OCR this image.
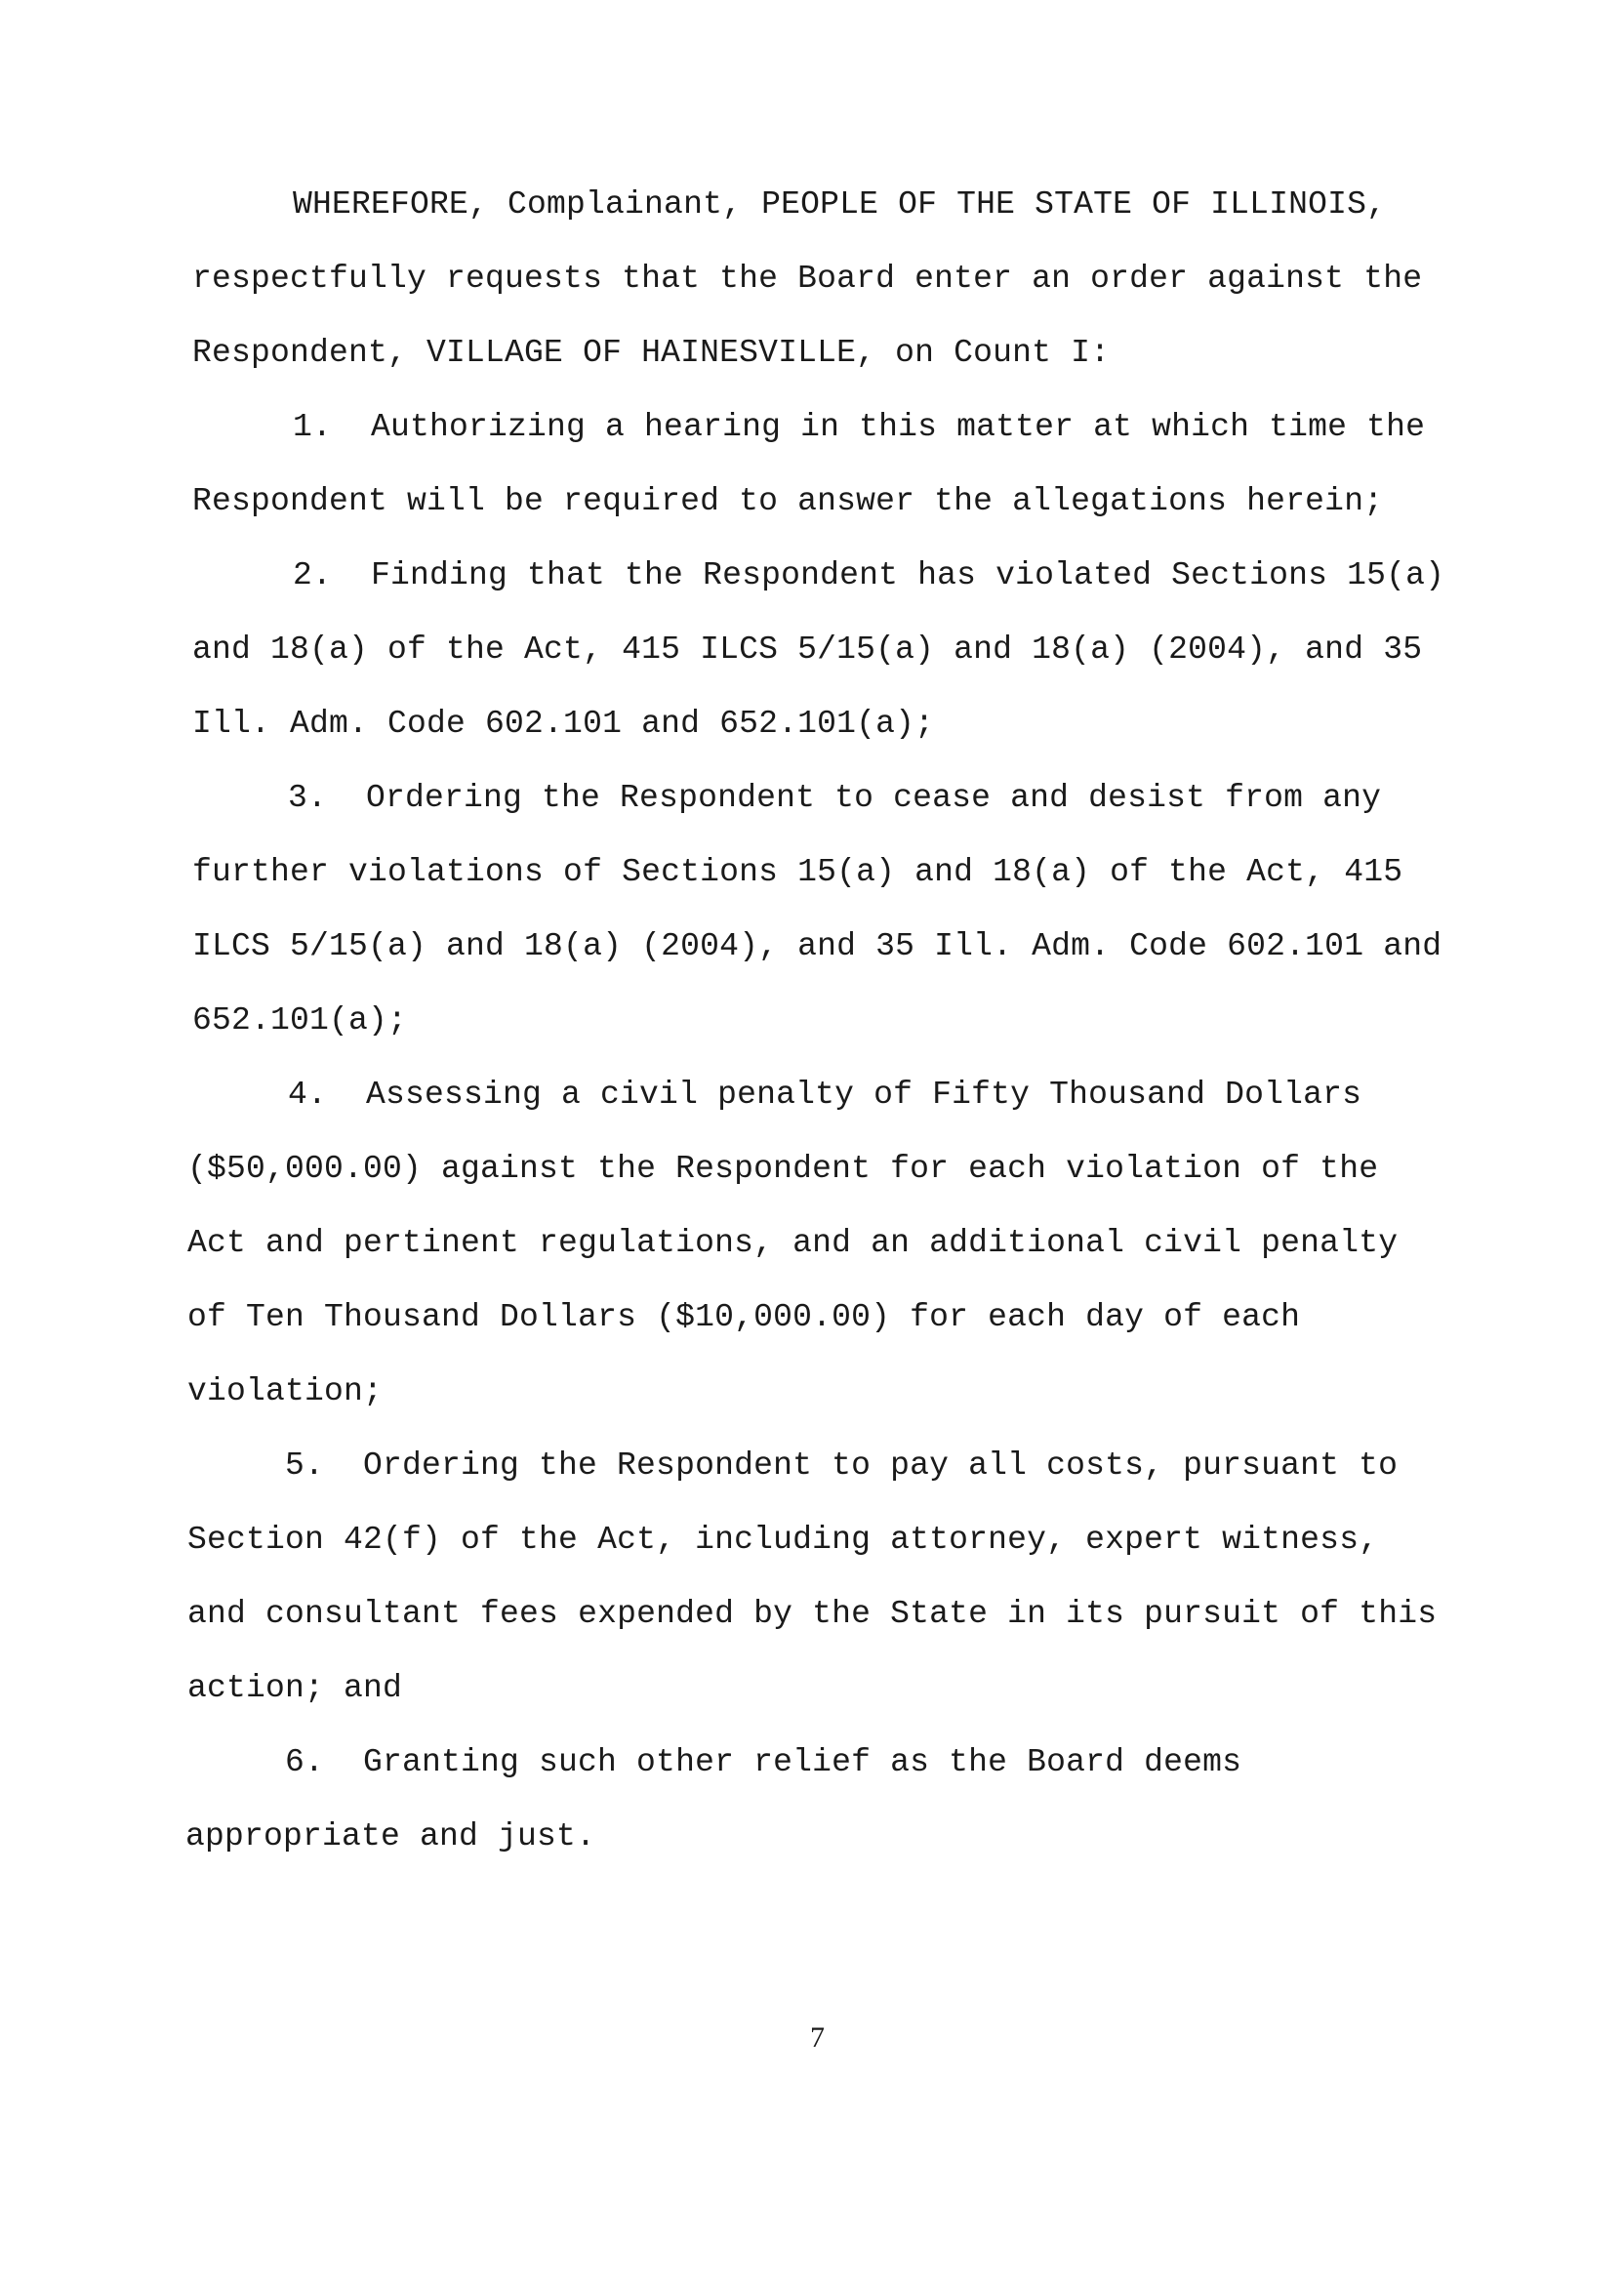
WHEREFORE, Complainant, PEOPLE OF THE STATE OF ILLINOIS,
respectfully requests that the Board enter an order against the
Respondent, VILLAGE OF HAINESVILLE, on Count I:
1.  Authorizing a hearing in this matter at which time the
Respondent will be required to answer the allegations herein;
2.  Finding that the Respondent has violated Sections 15(a)
and 18(a) of the Act, 415 ILCS 5/15(a) and 18(a) (2004), and 35
Ill. Adm. Code 602.101 and 652.101(a);
3.  Ordering the Respondent to cease and desist from any
further violations of Sections 15(a) and 18(a) of the Act, 415
ILCS 5/15(a) and 18(a) (2004), and 35 Ill. Adm. Code 602.101 and
652.101(a);
4.  Assessing a civil penalty of Fifty Thousand Dollars
($50,000.00) against the Respondent for each violation of the
Act and pertinent regulations, and an additional civil penalty
of Ten Thousand Dollars ($10,000.00) for each day of each
violation;
5.  Ordering the Respondent to pay all costs, pursuant to
Section 42(f) of the Act, including attorney, expert witness,
and consultant fees expended by the State in its pursuit of this
action; and
6.  Granting such other relief as the Board deems
appropriate and just.
7
